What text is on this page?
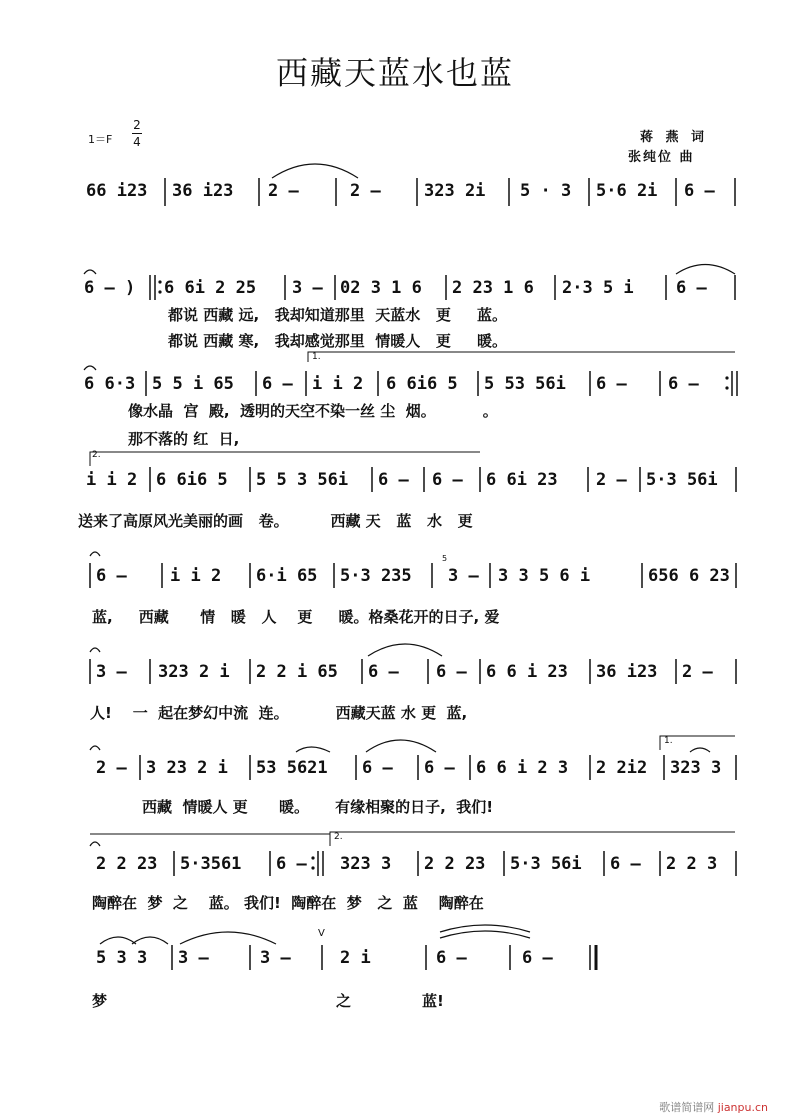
西藏天蓝水也蓝
1＝F
2
4	蒋 燕 词
张纯位 曲
66 i23 36 i23 2 –	2 –	323 2i 5 · 3 5·6 2i 6 –
6 – ) 6 6i 2 25 3 – 02 3 1 6 2 23 1 6 2·3 5 i 6 –
都说 西藏 远,   我却知道那里  天蓝水   更     蓝。
都说 西藏 寒,   我却感觉那里  情暖人   更     暖。
6 6·3 5 5 i 65 6 – i i 2 6 6i6 5 5 53 56i 6 – 6 –
像水晶  宫  殿,  透明的天空不染一丝 尘  烟。         。
那不落的 红  日,
i i 2 6 6i6 5 5 5 3 56i 6 – 6 – 6 6i 23 2 – 5·3 56i
送来了高原风光美丽的画   卷。        西藏 天   蓝   水   更
6 –	i i 2 6·i 65 5·3 235 3 – 3 3 5 6 i	656 6 23
蓝,     西藏      情   暖   人    更     暖。格桑花开的日子, 爱
3 – 323 2 i 2 2 i 65 6 – 6 – 6 6 i 23 36 i23 2 –
人!    一  起在梦幻中流  连。         西藏天蓝 水 更  蓝,
2 – 3 23 2 i 53 5621 6 – 6 – 6 6 i 2 3 2 2i2 323 3
西藏  情暖人 更      暖。     有缘相聚的日子,  我们!
2 2 23 5·3561 6 – 323 3 2 2 23 5·3 56i 6 – 2 2 3
陶醉在  梦  之    蓝。 我们!  陶醉在  梦   之  蓝    陶醉在
5 3 3 3 –	3 –	2 i	6 –	6 –
梦	之	蓝!
1.
2.
1.
2.
V
5
歌谱简谱网 jianpu.cn
